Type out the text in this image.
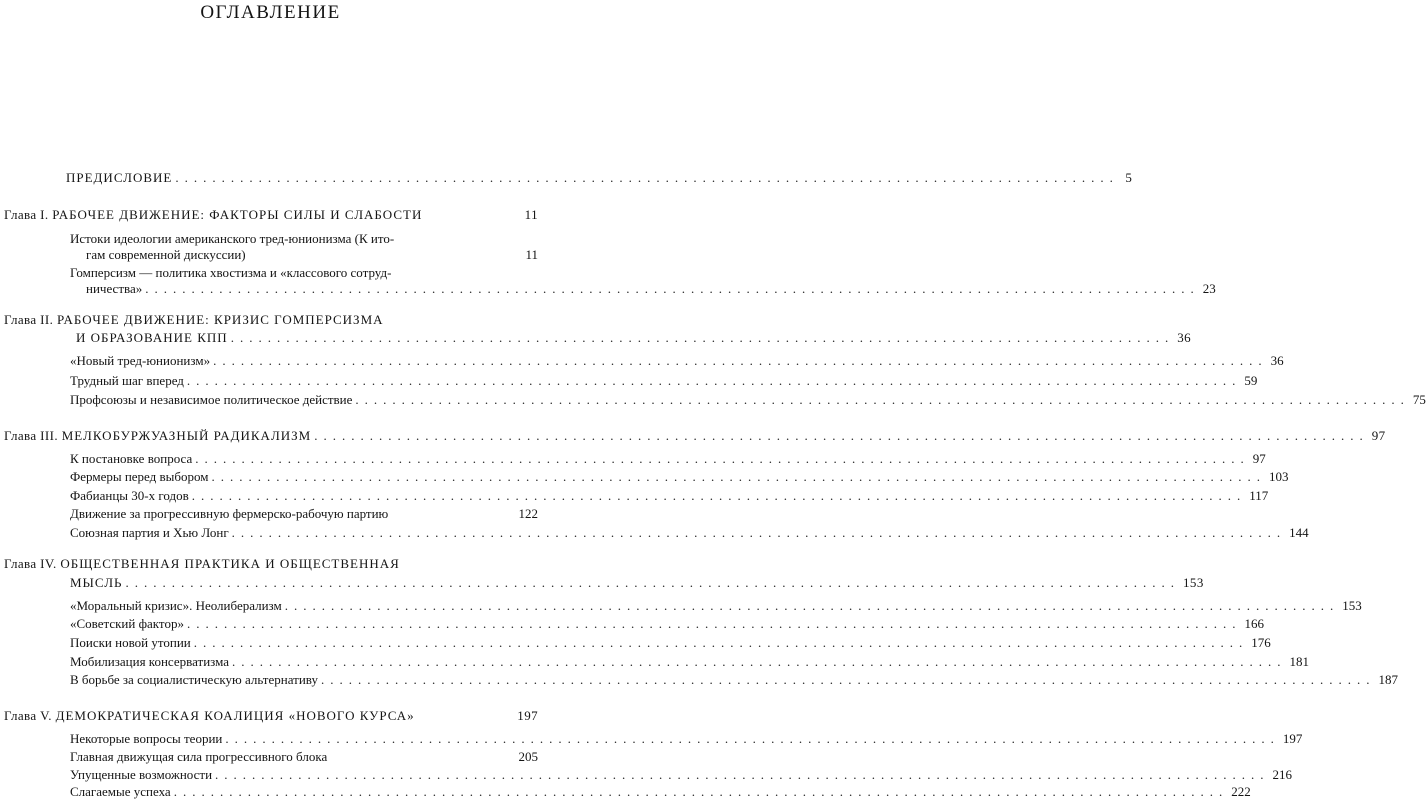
ОГЛАВЛЕНИЕ
ПРЕДИСЛОВИЕ ...................................................................................................... 5
Глава I.
РАБОЧЕЕ ДВИЖЕНИЕ: ФАКТОРЫ СИЛЫ И СЛАБОСТИ	11
Истоки идеологии американского тред-юнионизма (К ито-
гам современной дискуссии)	11
Гомперсизм — политика хвостизма и «классового сотруд-
ничества» .................................................................................................................. 23
Глава II.
РАБОЧЕЕ ДВИЖЕНИЕ: КРИЗИС ГОМПЕРСИЗМА
И ОБРАЗОВАНИЕ КПП ...................................................................................................... 36
«Новый тред-юнионизм» .................................................................................................................. 36
Трудный шаг вперед .................................................................................................................. 59
Профсоюзы и независимое политическое действие .................................................................................................................. 75
Глава III.
МЕЛКОБУРЖУАЗНЫЙ РАДИКАЛИЗМ .................................................................................................................. 97
К постановке вопроса .................................................................................................................. 97
Фермеры перед выбором .................................................................................................................. 103
Фабианцы 30-х годов .................................................................................................................. 117
Движение за прогрессивную фермерско-рабочую партию	122
Союзная партия и Хью Лонг .................................................................................................................. 144
Глава IV.
ОБЩЕСТВЕННАЯ ПРАКТИКА И ОБЩЕСТВЕННАЯ
МЫСЛЬ .................................................................................................................. 153
«Моральный кризис». Неолиберализм .................................................................................................................. 153
«Советский фактор» .................................................................................................................. 166
Поиски новой утопии .................................................................................................................. 176
Мобилизация консерватизма .................................................................................................................. 181
В борьбе за социалистическую альтернативу .................................................................................................................. 187
Глава V.
ДЕМОКРАТИЧЕСКАЯ КОАЛИЦИЯ «НОВОГО КУРСА»	197
Некоторые вопросы теории .................................................................................................................. 197
Главная движущая сила прогрессивного блока	205
Упущенные возможности .................................................................................................................. 216
Слагаемые успеха .................................................................................................................. 222
